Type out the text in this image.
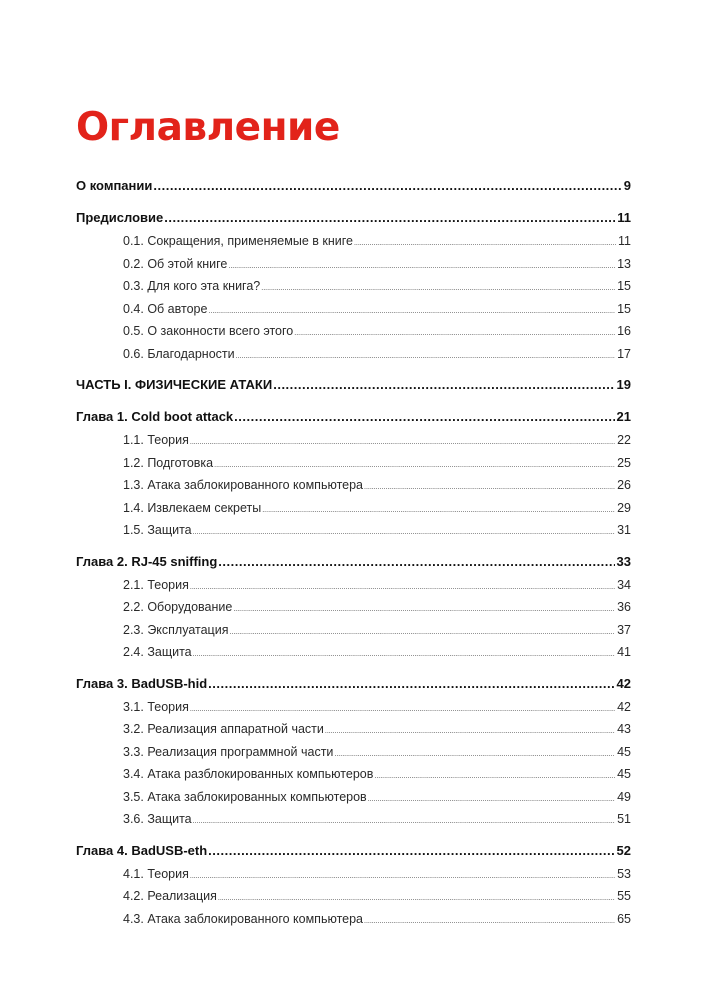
Оглавление
О компании .....	9
Предисловие .....	11
0.1. Сокращения, применяемые в книге .....	11
0.2. Об этой книге .....	13
0.3. Для кого эта книга? .....	15
0.4. Об авторе .....	15
0.5. О законности всего этого .....	16
0.6. Благодарности .....	17
ЧАСТЬ I. ФИЗИЧЕСКИЕ АТАКИ .....	19
Глава 1. Cold boot attack .....	21
1.1. Теория .....	22
1.2. Подготовка .....	25
1.3. Атака заблокированного компьютера .....	26
1.4. Извлекаем секреты .....	29
1.5. Защита .....	31
Глава 2. RJ-45 sniffing .....	33
2.1. Теория .....	34
2.2. Оборудование .....	36
2.3. Эксплуатация .....	37
2.4. Защита .....	41
Глава 3. BadUSB-hid .....	42
3.1. Теория .....	42
3.2. Реализация аппаратной части .....	43
3.3. Реализация программной части .....	45
3.4. Атака разблокированных компьютеров .....	45
3.5. Атака заблокированных компьютеров .....	49
3.6. Защита .....	51
Глава 4. BadUSB-eth .....	52
4.1. Теория .....	53
4.2. Реализация .....	55
4.3. Атака заблокированного компьютера .....	65
